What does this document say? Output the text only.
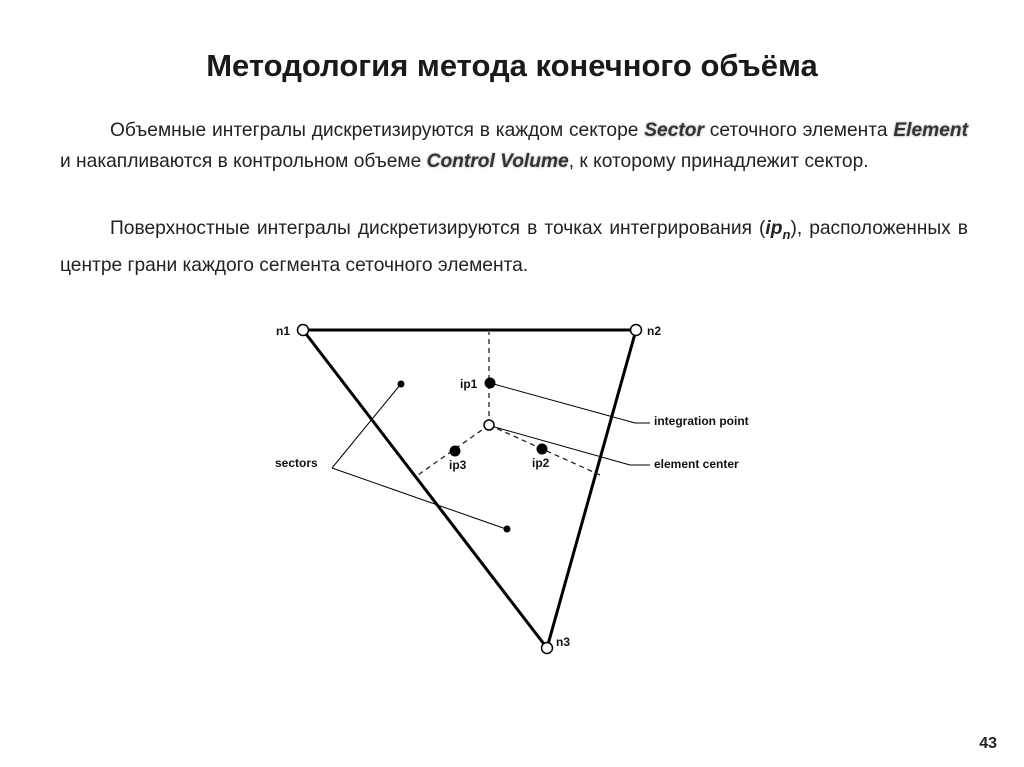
Методология метода конечного объёма

Объемные интегралы дискретизируются в каждом секторе Sector сеточного элемента Element и накапливаются в контрольном объеме Control Volume, к которому принадлежит сектор.

Поверхностные интегралы дискретизируются в точках интегрирования $(ip_n)$, расположенных в центре грани каждого сегмента сеточного элемента.

n1	n2
n3
ip1
ip2
ip3
sectors
integration point
element center
43
